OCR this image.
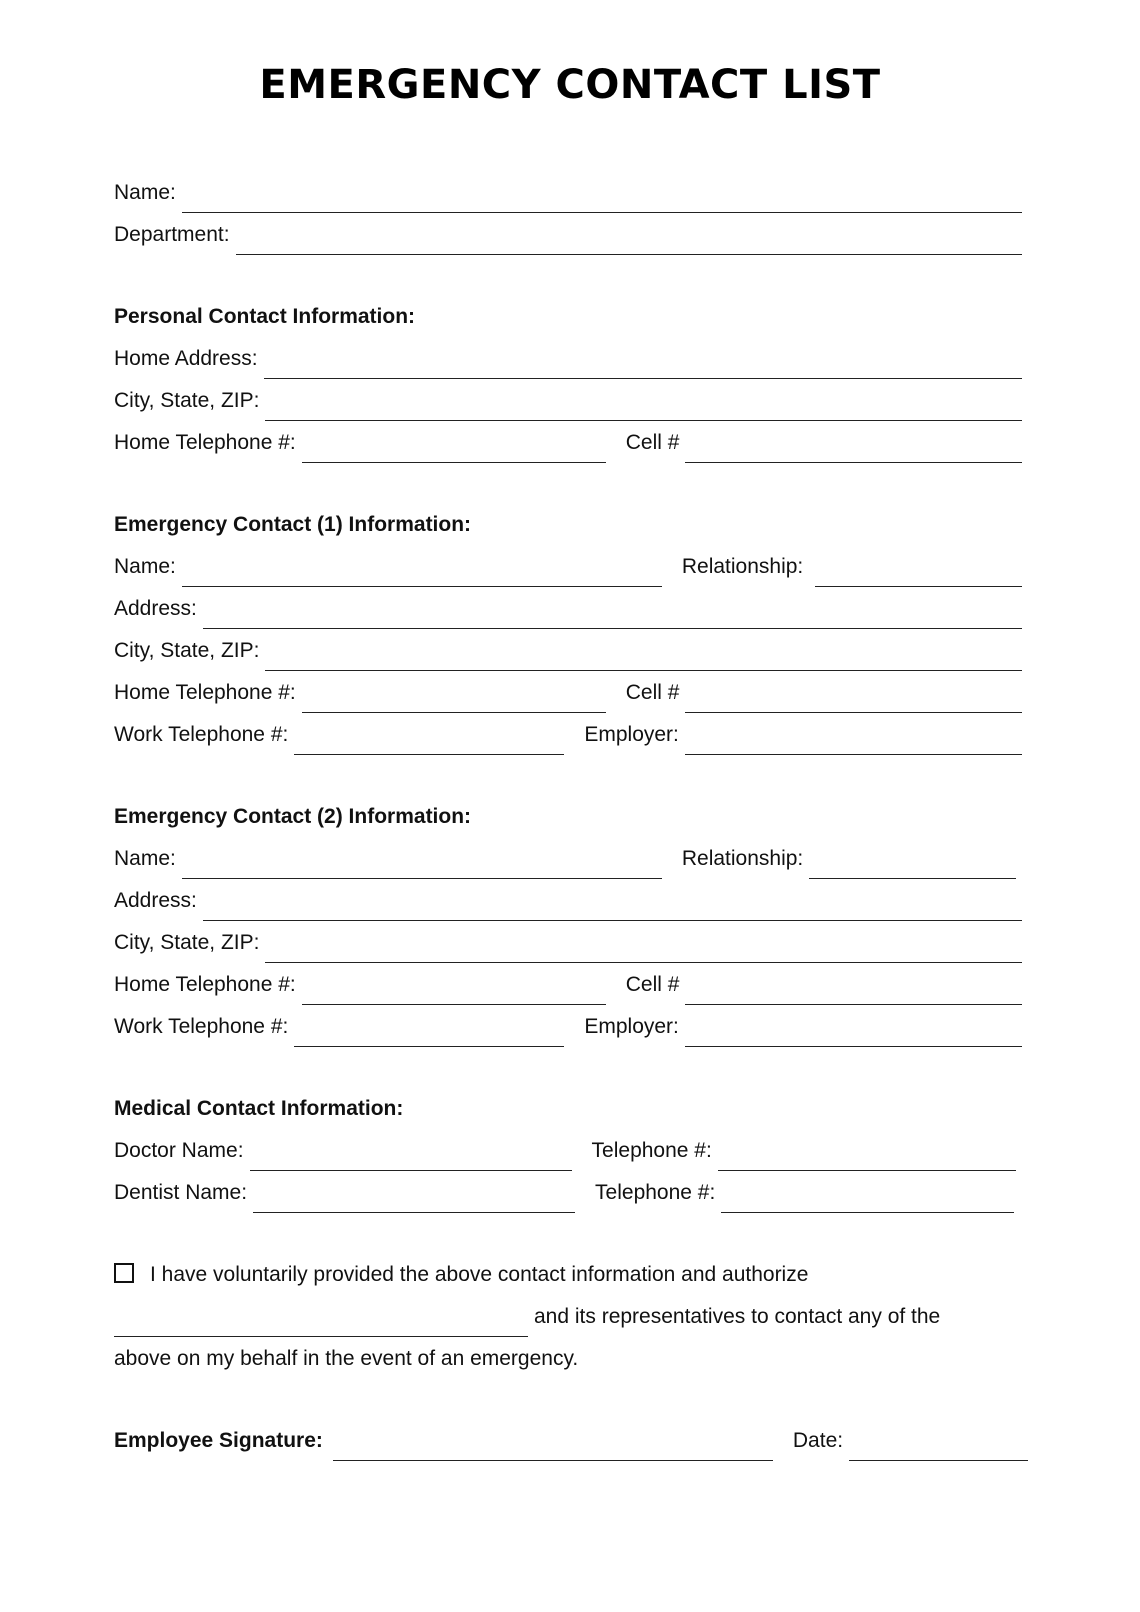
EMERGENCY CONTACT LIST
Name:
Department:
Personal Contact Information:
Home Address:
City, State, ZIP:
Home Telephone #:	Cell #
Emergency Contact (1) Information:
Name:	Relationship:
Address:
City, State, ZIP:
Home Telephone #:	Cell #
Work Telephone #:	Employer:
Emergency Contact (2) Information:
Name:	Relationship:
Address:
City, State, ZIP:
Home Telephone #:	Cell #
Work Telephone #:	Employer:
Medical Contact Information:
Doctor Name:	Telephone #:
Dentist Name:	Telephone #:
I have voluntarily provided the above contact information and authorize
and its representatives to contact any of the
above on my behalf in the event of an emergency.
Employee Signature:	Date:
